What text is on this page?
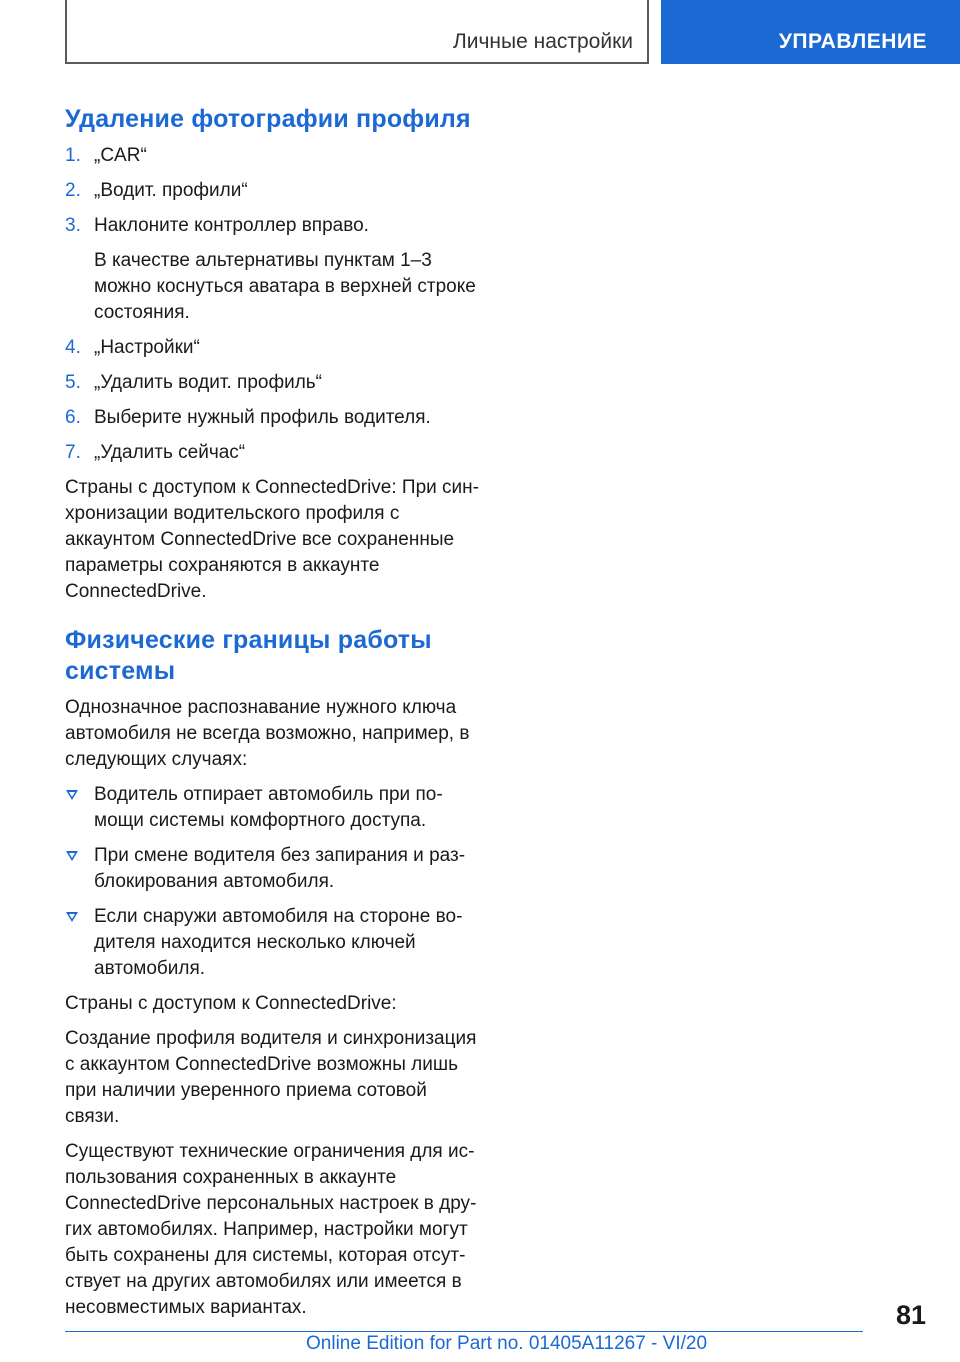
Личные настройки	УПРАВЛЕНИЕ
Удаление фотографии профиля
1. „CAR“
2. „Водит. профили“
3. Наклоните контроллер вправо.
В качестве альтернативы пунктам 1–3 можно коснуться аватара в верхней строке состояния.
4. „Настройки“
5. „Удалить водит. профиль“
6. Выберите нужный профиль водителя.
7. „Удалить сейчас“

Страны с доступом к ConnectedDrive: При синхронизации водительского профиля с аккаунтом ConnectedDrive все сохраненные параметры сохраняются в аккаунте ConnectedDrive.

Физические границы работы системы

Однозначное распознавание нужного ключа автомобиля не всегда возможно, например, в следующих случаях:

Водитель отпирает автомобиль при помощи системы комфортного доступа.
При смене водителя без запирания и разблокирования автомобиля.
Если снаружи автомобиля на стороне водителя находится несколько ключей автомобиля.

Страны с доступом к ConnectedDrive:

Создание профиля водителя и синхронизация с аккаунтом ConnectedDrive возможны лишь при наличии уверенного приема сотовой связи.

Существуют технические ограничения для использования сохраненных в аккаунте ConnectedDrive персональных настроек в других автомобилях. Например, настройки могут быть сохранены для системы, которая отсутствует на других автомобилях или имеется в несовместимых вариантах.	81
Online Edition for Part no. 01405A11267 - VI/20
